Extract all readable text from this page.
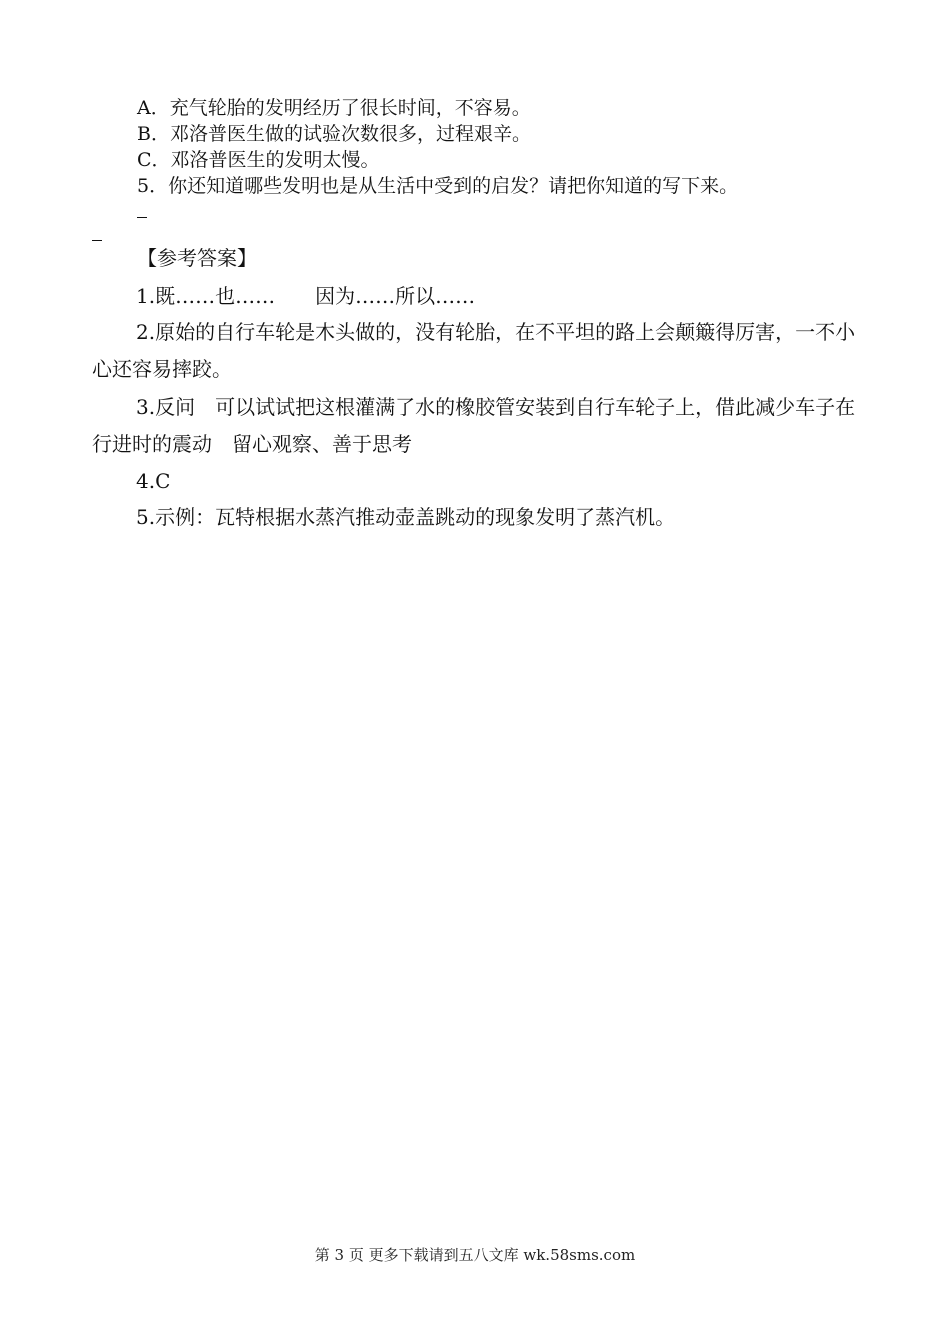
A．充气轮胎的发明经历了很长时间，不容易。
B．邓洛普医生做的试验次数很多，过程艰辛。
C．邓洛普医生的发明太慢。
5．你还知道哪些发明也是从生活中受到的启发？请把你知道的写下来。
【参考答案】
1.既……也……　　因为……所以……
2.原始的自行车轮是木头做的，没有轮胎，在不平坦的路上会颠簸得厉害，一不小心还容易摔跤。
3.反问　可以试试把这根灌满了水的橡胶管安装到自行车轮子上，借此减少车子在行进时的震动　留心观察、善于思考
4.C
5.示例：瓦特根据水蒸汽推动壶盖跳动的现象发明了蒸汽机。
第 3 页 更多下载请到五八文库 wk.58sms.com
